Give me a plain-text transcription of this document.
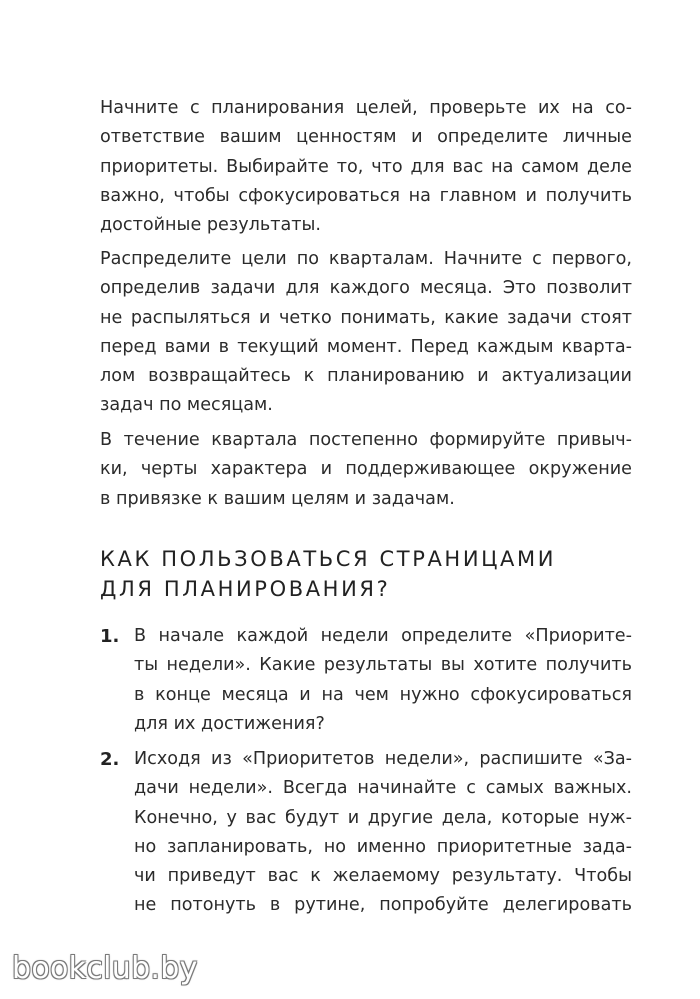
Начните с планирования целей, проверьте их на со-
ответствие вашим ценностям и определите личные
приоритеты. Выбирайте то, что для вас на самом деле
важно, чтобы сфокусироваться на главном и получить
достойные результаты.
Распределите цели по кварталам. Начните с первого,
определив задачи для каждого месяца. Это позволит
не распыляться и четко понимать, какие задачи стоят
перед вами в текущий момент. Перед каждым кварта-
лом возвращайтесь к планированию и актуализации
задач по месяцам.
В течение квартала постепенно формируйте привыч-
ки, черты характера и поддерживающее окружение
в привязке к вашим целям и задачам.
КАК ПОЛЬЗОВАТЬСЯ СТРАНИЦАМИ
ДЛЯ ПЛАНИРОВАНИЯ?
1. В начале каждой недели определите «Приорите-
ты недели». Какие результаты вы хотите получить
в конце месяца и на чем нужно сфокусироваться
для их достижения?
2. Исходя из «Приоритетов недели», распишите «За-
дачи недели». Всегда начинайте с самых важных.
Конечно, у вас будут и другие дела, которые нуж-
но запланировать, но именно приоритетные зада-
чи приведут вас к желаемому результату. Чтобы
не потонуть в рутине, попробуйте делегировать
bookclub.by
